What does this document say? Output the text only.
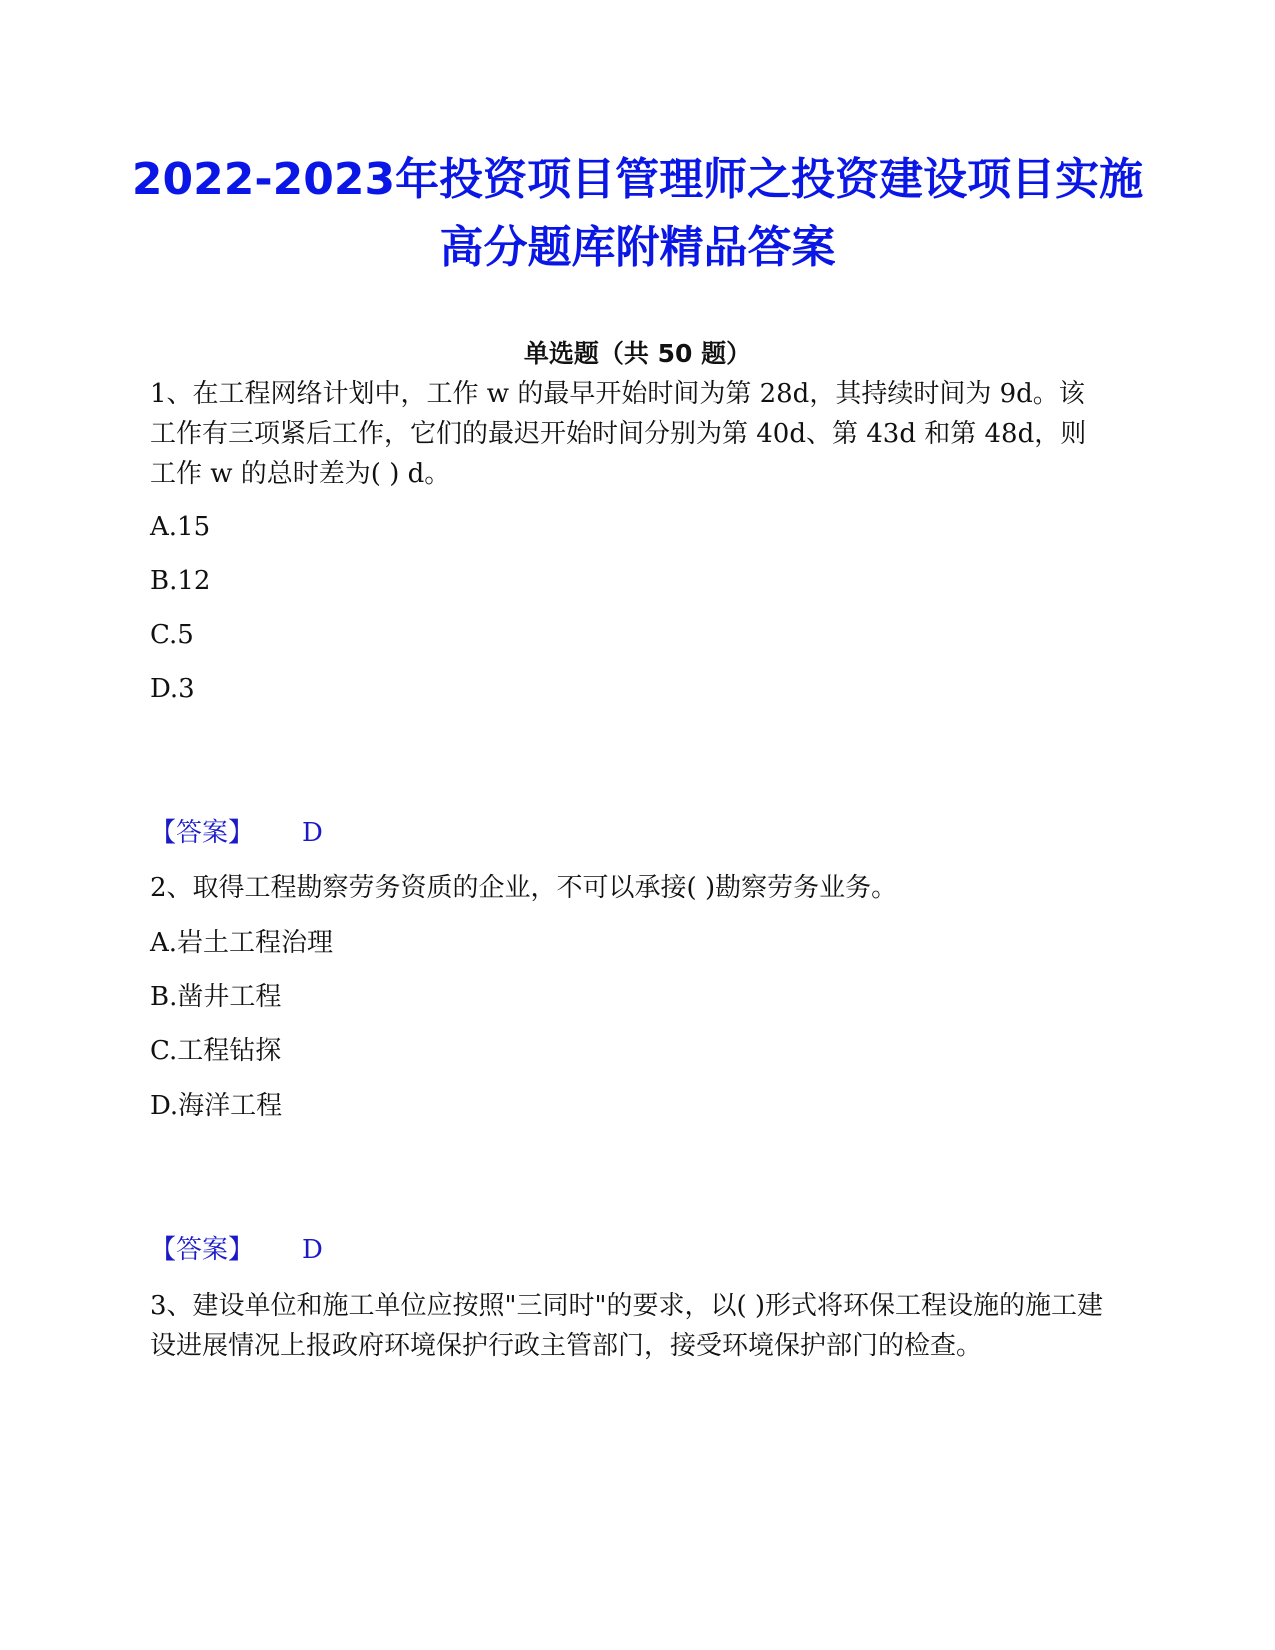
2022-2023年投资项目管理师之投资建设项目实施高分题库附精品答案
单选题（共 50 题）
1、在工程网络计划中，工作 w 的最早开始时间为第 28d，其持续时间为 9d。该工作有三项紧后工作，它们的最迟开始时间分别为第 40d、第 43d 和第 48d，则工作 w 的总时差为( ) d。
A.15
B.12
C.5
D.3
【答案】 D
2、取得工程勘察劳务资质的企业，不可以承接( )勘察劳务业务。
A.岩土工程治理
B.凿井工程
C.工程钻探
D.海洋工程
【答案】 D
3、建设单位和施工单位应按照"三同时"的要求，以( )形式将环保工程设施的施工建设进展情况上报政府环境保护行政主管部门，接受环境保护部门的检查。
